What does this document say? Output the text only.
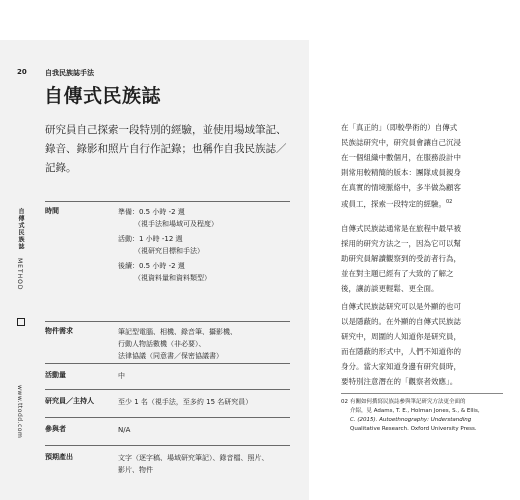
20	自我民族誌手法
自傳式民族誌
研究員自己探索一段特別的經驗，並使用場域筆記、錄音、錄影和照片自行作記錄；也稱作自我民族誌／記錄。
自傳式民族誌
METHOD
www.ttodd.com
時間	準備：0.5 小時 -2 週
（視手法和場域可及程度）
活動：1 小時 -12 週
（視研究目標和手法）
後續：0.5 小時 -2 週
（視資料量和資料類型）
物件需求	筆記型電腦、相機、錄音筆、攝影機、
行動人物話數機（非必要）、
法律協議（同意書／保密協議書）
活動量	中
研究員／主持人	至少 1 名（視手法，至多約 15 名研究員）
參與者	N/A
預期產出	文字（逐字稿、場域研究筆記）、錄音檔、照片、
影片、物件
在「真正的」（即較學術的）自傳式
民族誌研究中，研究員會讓自己沉浸
在一個組織中數個月，在服務設計中
則常用較精簡的版本：團隊成員親身
在真實的情境脈絡中，多半做為顧客
或員工，探索一段特定的經驗。$^{02}$
自傳式民族誌通常是在旅程中最早被
採用的研究方法之一，因為它可以幫
助研究員解讀觀察到的受訪者行為，
並在對主題已經有了大致的了解之
後，讓訪談更輕鬆、更全面。
自傳式民族誌研究可以是外顯的也可
以是隱蔽的。在外顯的自傳式民族誌
研究中，周圍的人知道你是研究員，
而在隱蔽的形式中，人們不知道你的
身分。當大家知道身邊有研究員時，
要特別注意潛在的「觀察者效應」。
02 有關如何撰寫民族誌參與筆記研究方法更全面的
介紹，見 Adams, T. E., Holman Jones, S., & Ellis,
C. (2015). Autoethnography: Understanding
Qualitative Research. Oxford University Press.
